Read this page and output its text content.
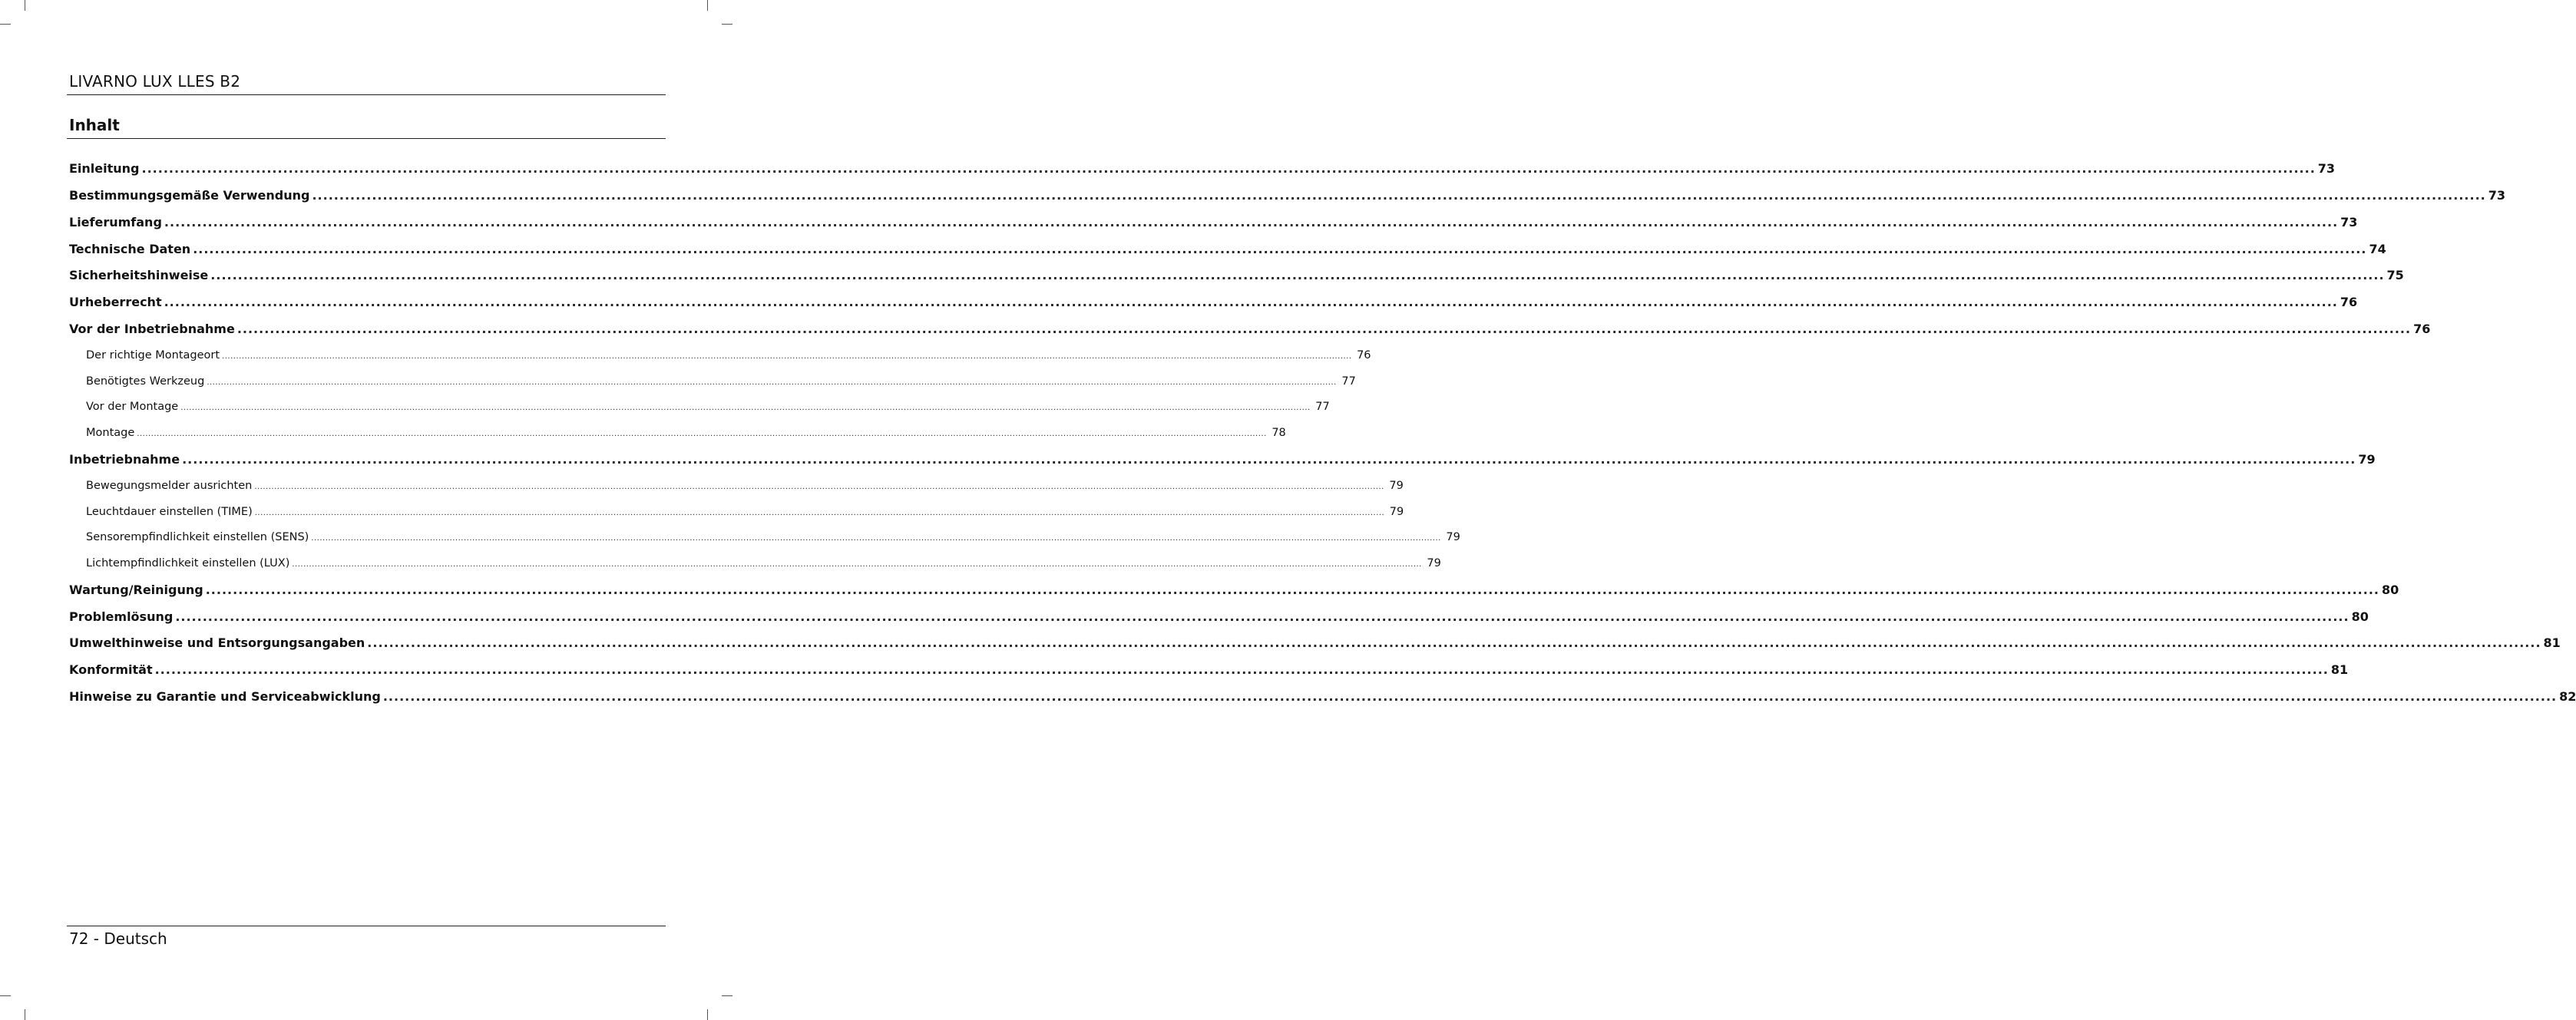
LIVARNO LUX LLES B2
Inhalt
Einleitung ................................................................................................................................................................................................................................................................................................................................................................................................................ 73
Bestimmungsgemäße Verwendung ................................................................................................................................................................................................................................................................................................................................................................................................................ 73
Lieferumfang ................................................................................................................................................................................................................................................................................................................................................................................................................ 73
Technische Daten ................................................................................................................................................................................................................................................................................................................................................................................................................ 74
Sicherheitshinweise ................................................................................................................................................................................................................................................................................................................................................................................................................ 75
Urheberrecht ................................................................................................................................................................................................................................................................................................................................................................................................................ 76
Vor der Inbetriebnahme ................................................................................................................................................................................................................................................................................................................................................................................................................ 76
Der richtige Montageort ................................................................................................................................................................................................................................................................................................................................................................................................................ 76
Benötigtes Werkzeug ................................................................................................................................................................................................................................................................................................................................................................................................................ 77
Vor der Montage ................................................................................................................................................................................................................................................................................................................................................................................................................ 77
Montage ................................................................................................................................................................................................................................................................................................................................................................................................................ 78
Inbetriebnahme ................................................................................................................................................................................................................................................................................................................................................................................................................ 79
Bewegungsmelder ausrichten ................................................................................................................................................................................................................................................................................................................................................................................................................ 79
Leuchtdauer einstellen (TIME) ................................................................................................................................................................................................................................................................................................................................................................................................................ 79
Sensorempfindlichkeit einstellen (SENS) ................................................................................................................................................................................................................................................................................................................................................................................................................ 79
Lichtempfindlichkeit einstellen (LUX) ................................................................................................................................................................................................................................................................................................................................................................................................................ 79
Wartung/Reinigung ................................................................................................................................................................................................................................................................................................................................................................................................................ 80
Problemlösung ................................................................................................................................................................................................................................................................................................................................................................................................................ 80
Umwelthinweise und Entsorgungsangaben ................................................................................................................................................................................................................................................................................................................................................................................................................ 81
Konformität ................................................................................................................................................................................................................................................................................................................................................................................................................ 81
Hinweise zu Garantie und Serviceabwicklung ................................................................................................................................................................................................................................................................................................................................................................................................................ 82
72 - Deutsch
